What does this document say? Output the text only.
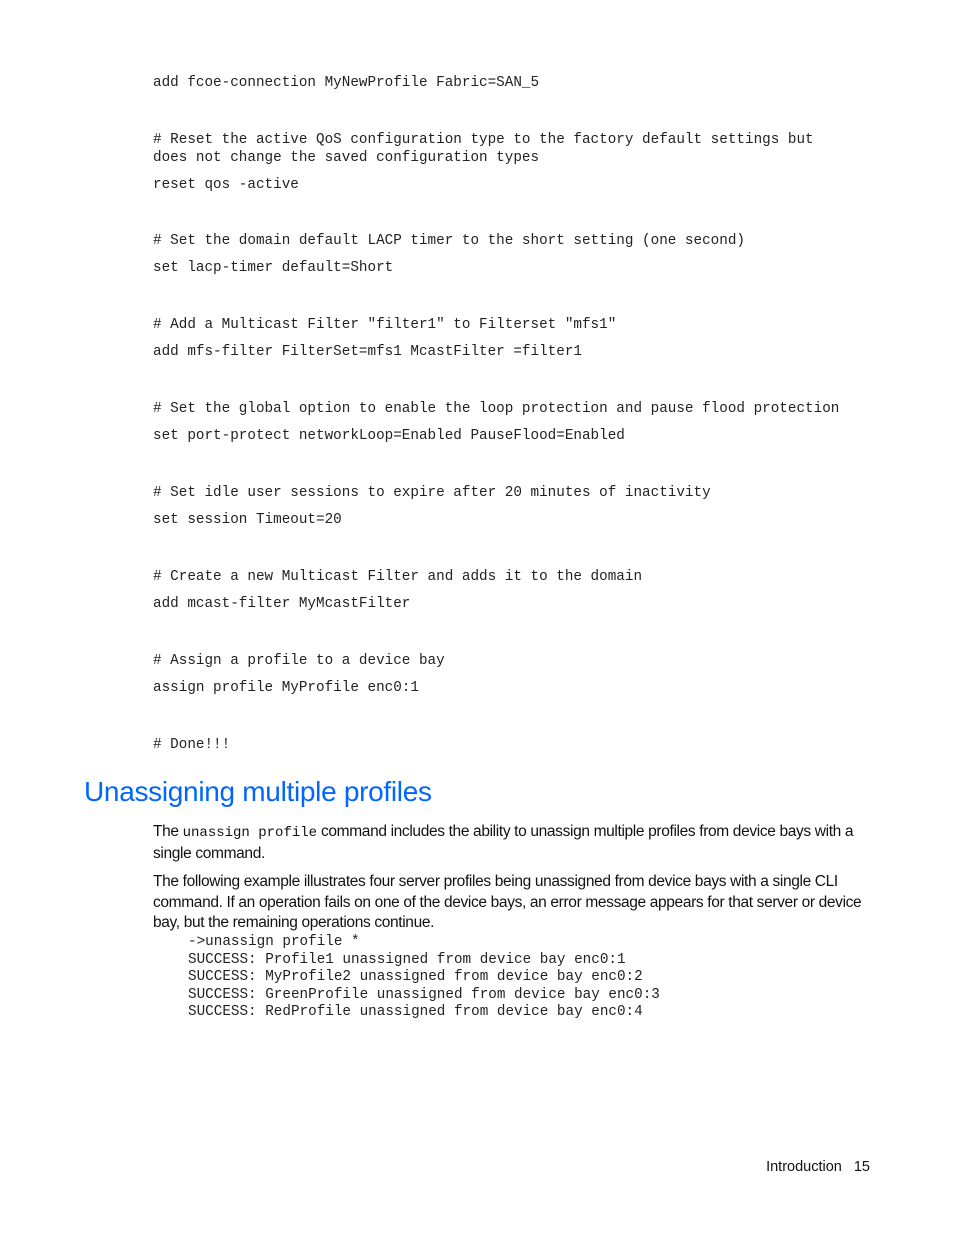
add fcoe-connection MyNewProfile Fabric=SAN_5
# Reset the active QoS configuration type to the factory default settings but
does not change the saved configuration types
reset qos -active
# Set the domain default LACP timer to the short setting (one second)
set lacp-timer default=Short
# Add a Multicast Filter "filter1" to Filterset "mfs1"
add mfs-filter FilterSet=mfs1 McastFilter =filter1
# Set the global option to enable the loop protection and pause flood protection
set port-protect networkLoop=Enabled PauseFlood=Enabled
# Set idle user sessions to expire after 20 minutes of inactivity
set session Timeout=20
# Create a new Multicast Filter and adds it to the domain
add mcast-filter MyMcastFilter
# Assign a profile to a device bay
assign profile MyProfile enc0:1
# Done!!!
Unassigning multiple profiles

The unassign profile command includes the ability to unassign multiple profiles from device bays with a single command.

The following example illustrates four server profiles being unassigned from device bays with a single CLI command. If an operation fails on one of the device bays, an error message appears for that server or device bay, but the remaining operations continue.

->unassign profile *
SUCCESS: Profile1 unassigned from device bay enc0:1
SUCCESS: MyProfile2 unassigned from device bay enc0:2
SUCCESS: GreenProfile unassigned from device bay enc0:3
SUCCESS: RedProfile unassigned from device bay enc0:4
Introduction 15
